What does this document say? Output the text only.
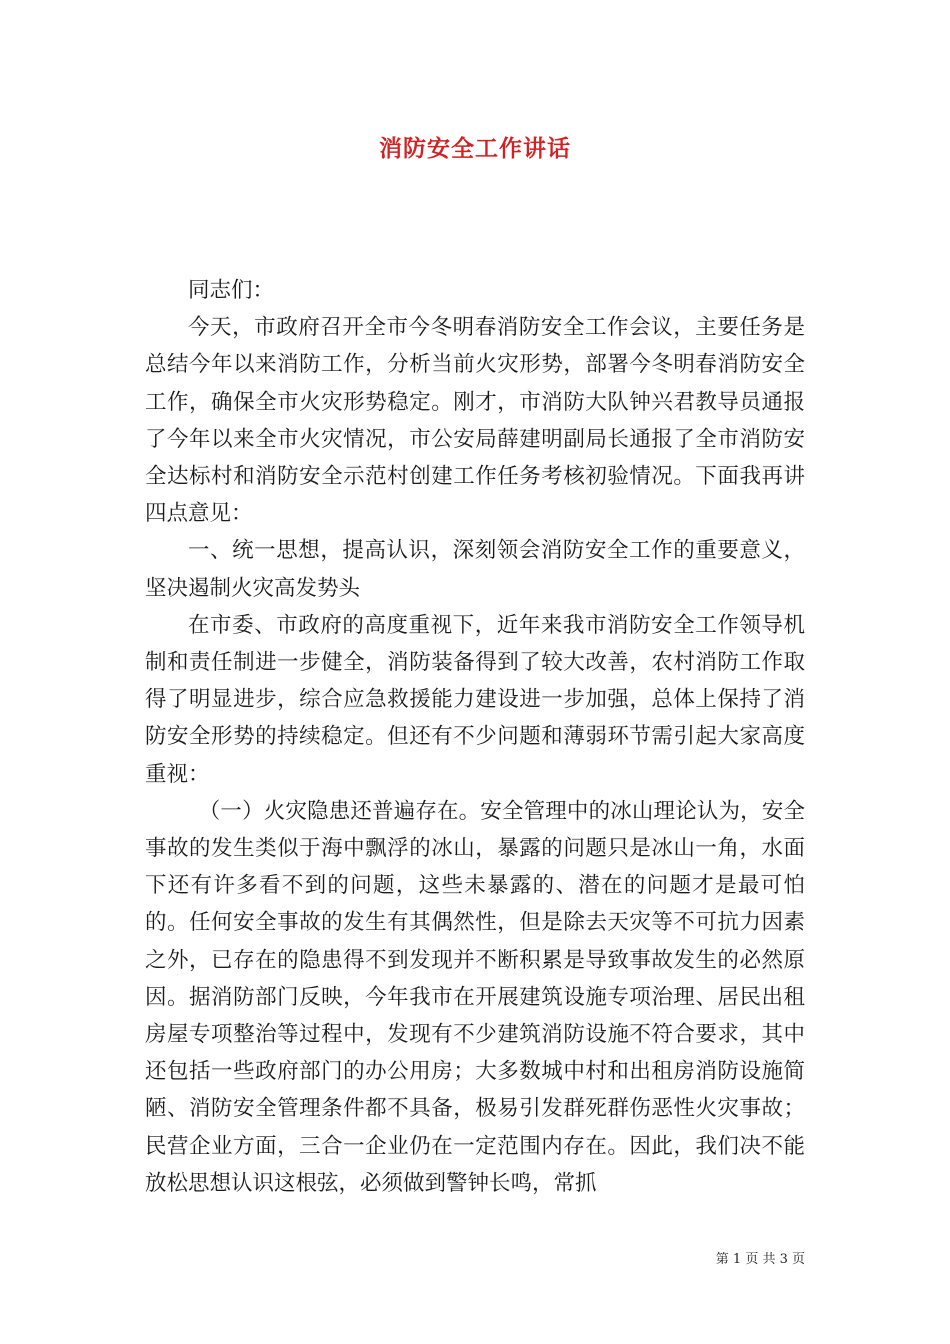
消防安全工作讲话

同志们：

今天，市政府召开全市今冬明春消防安全工作会议，主要任务是总结今年以来消防工作，分析当前火灾形势，部署今冬明春消防安全工作，确保全市火灾形势稳定。刚才，市消防大队钟兴君教导员通报了今年以来全市火灾情况，市公安局薛建明副局长通报了全市消防安全达标村和消防安全示范村创建工作任务考核初验情况。下面我再讲四点意见：

一、统一思想，提高认识，深刻领会消防安全工作的重要意义，坚决遏制火灾高发势头

在市委、市政府的高度重视下，近年来我市消防安全工作领导机制和责任制进一步健全，消防装备得到了较大改善，农村消防工作取得了明显进步，综合应急救援能力建设进一步加强，总体上保持了消防安全形势的持续稳定。但还有不少问题和薄弱环节需引起大家高度重视：

（一）火灾隐患还普遍存在。安全管理中的冰山理论认为，安全事故的发生类似于海中飘浮的冰山，暴露的问题只是冰山一角，水面下还有许多看不到的问题，这些未暴露的、潜在的问题才是最可怕的。任何安全事故的发生有其偶然性，但是除去天灾等不可抗力因素之外，已存在的隐患得不到发现并不断积累是导致事故发生的必然原因。据消防部门反映，今年我市在开展建筑设施专项治理、居民出租房屋专项整治等过程中，发现有不少建筑消防设施不符合要求，其中还包括一些政府部门的办公用房；大多数城中村和出租房消防设施简陋、消防安全管理条件都不具备，极易引发群死群伤恶性火灾事故；民营企业方面，三合一企业仍在一定范围内存在。因此，我们决不能放松思想认识这根弦，必须做到警钟长鸣，常抓

第 1 页 共 3 页
